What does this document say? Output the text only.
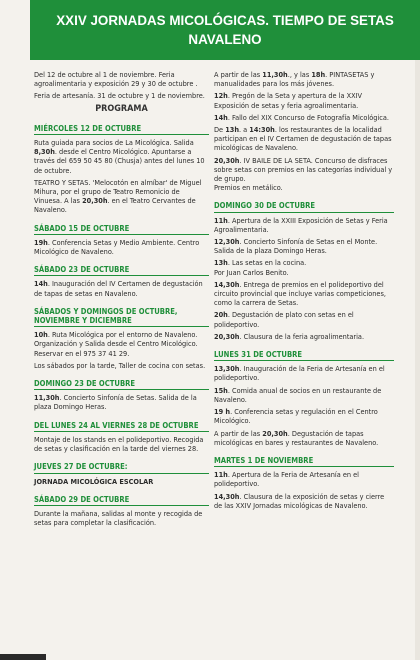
XXIV JORNADAS MICOLÓGICAS. TIEMPO DE SETAS
NAVALENO

Del 12 de octubre al 1 de noviembre. Feria agroalimentaria y exposición 29 y 30 de octubre .

Feria de artesanía. 31 de octubre y 1 de noviembre.

PROGRAMA
MIÉRCOLES 12 DE OCTUBRE

Ruta guiada para socios de La Micológica. Salida 8,30h. desde el Centro Micológico. Apuntarse a través del 659 50 45 80 (Chusja) antes del lunes 10 de octubre.

TEATRO Y SETAS. 'Melocotón en almíbar' de Miguel Mihura, por el grupo de Teatro Remonicio de Vinuesa. A las 20,30h. en el Teatro Cervantes de Navaleno.

SÁBADO 15 DE OCTUBRE

19h. Conferencia Setas y Medio Ambiente. Centro Micológico de Navaleno.

SÁBADO 23 DE OCTUBRE

14h. Inauguración del IV Certamen de degustación de tapas de setas en Navaleno.

SÁBADOS Y DOMINGOS DE OCTUBRE, NOVIEMBRE Y DICIEMBRE

10h. Ruta Micológica por el entorno de Navaleno. Organización y Salida desde el Centro Micológico.
Reservar en el 975 37 41 29.

Los sábados por la tarde, Taller de cocina con setas.

DOMINGO 23 DE OCTUBRE

11,30h. Concierto Sinfonía de Setas. Salida de la plaza Domingo Heras.

DEL LUNES 24 AL VIERNES 28 DE OCTUBRE

Montaje de los stands en el polideportivo. Recogida de setas y clasificación en la tarde del viernes 28.

JUEVES 27 DE OCTUBRE:

JORNADA MICOLÓGICA ESCOLAR

SÁBADO 29 DE OCTUBRE

Durante la mañana, salidas al monte y recogida de setas para completar la clasificación.

A partir de las 11,30h., y las 18h. PINTASETAS y manualidades para los más jóvenes.

12h. Pregón de la Seta y apertura de la XXIV Exposición de setas y feria agroalimentaria.

14h. Fallo del XIX Concurso de Fotografía Micológica.

De 13h. a 14:30h. los restaurantes de la localidad participan en el IV Certamen de degustación de tapas micológicas de Navaleno.

20,30h. IV BAILE DE LA SETA. Concurso de disfraces sobre setas con premios en las categorías individual y de grupo.
Premios en metálico.

DOMINGO 30 DE OCTUBRE

11h. Apertura de la XXIII Exposición de Setas y Feria Agroalimentaria.

12,30h. Concierto Sinfonía de Setas en el Monte. Salida de la plaza Domingo Heras.

13h. Las setas en la cocina.
Por Juan Carlos Benito.

14,30h. Entrega de premios en el polideportivo del circuito provincial que incluye varias competiciones, como la carrera de Setas.

20h. Degustación de plato con setas en el polideportivo.

20,30h. Clausura de la feria agroalimentaria.

LUNES 31 DE OCTUBRE

13,30h. Inauguración de la Feria de Artesanía en el polideportivo.

15h. Comida anual de socios en un restaurante de Navaleno.

19 h. Conferencia setas y regulación en el Centro Micológico.

A partir de las 20,30h. Degustación de tapas micológicas en bares y restaurantes de Navaleno.

MARTES 1 DE NOVIEMBRE

11h. Apertura de la Feria de Artesanía en el polideportivo.

14,30h. Clausura de la exposición de setas y cierre de las XXIV Jornadas micológicas de Navaleno.
